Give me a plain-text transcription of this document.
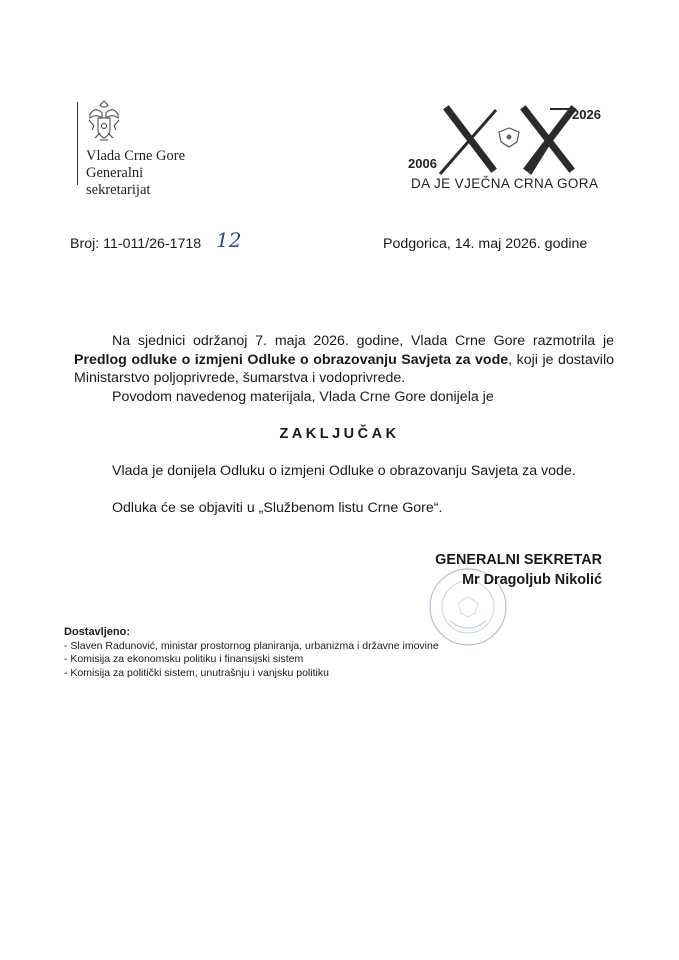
Vlada Crne Gore
Generalni
sekretarijat
2006
2026
DA JE VJEČNA CRNA GORA
Broj: 11-011/26-1718 12	Podgorica, 14. maj 2026. godine
Na sjednici održanoj 7. maja 2026. godine, Vlada Crne Gore razmotrila je Predlog odluke o izmjeni Odluke o obrazovanju Savjeta za vode, koji je dostavilo Ministarstvo poljoprivrede, šumarstva i vodoprivrede.
Povodom navedenog materijala, Vlada Crne Gore donijela je
ZAKLJUČAK
Vlada je donijela Odluku o izmjeni Odluke o obrazovanju Savjeta za vode.
Odluka će se objaviti u „Službenom listu Crne Gore“.
GENERALNI SEKRETAR
Mr Dragoljub Nikolić
Dostavljeno:
- Slaven Radunović, ministar prostornog planiranja, urbanizma i državne imovine
- Komisija za ekonomsku politiku i finansijski sistem
- Komisija za politički sistem, unutrašnju i vanjsku politiku
